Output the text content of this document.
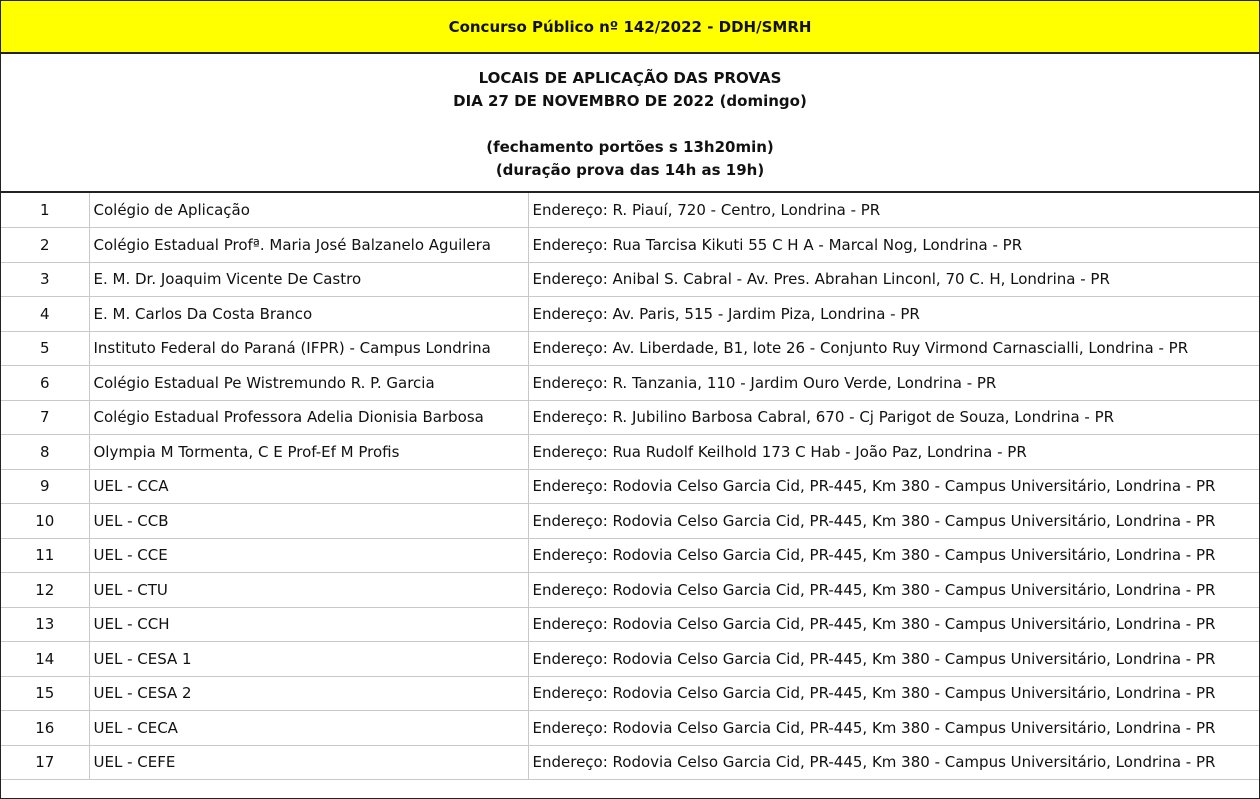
Concurso Público nº 142/2022 - DDH/SMRH
LOCAIS DE APLICAÇÃO DAS PROVAS
DIA 27 DE NOVEMBRO DE 2022 (domingo)
(fechamento portões s 13h20min)
(duração prova das 14h as 19h)
1	Colégio de Aplicação	Endereço: R. Piauí, 720 - Centro, Londrina - PR
2	Colégio Estadual Profª. Maria José Balzanelo Aguilera	Endereço: Rua Tarcisa Kikuti 55 C H A - Marcal Nog, Londrina - PR
3	E. M. Dr. Joaquim Vicente De Castro	Endereço: Anibal S. Cabral - Av. Pres. Abrahan Linconl, 70 C. H, Londrina - PR
4	E. M. Carlos Da Costa Branco	Endereço: Av. Paris, 515 - Jardim Piza, Londrina - PR
5	Instituto Federal do Paraná (IFPR) - Campus Londrina	Endereço: Av. Liberdade, B1, lote 26 - Conjunto Ruy Virmond Carnascialli, Londrina - PR
6	Colégio Estadual Pe Wistremundo R. P. Garcia	Endereço: R. Tanzania, 110 - Jardim Ouro Verde, Londrina - PR
7	Colégio Estadual Professora Adelia Dionisia Barbosa	Endereço: R. Jubilino Barbosa Cabral, 670 - Cj Parigot de Souza, Londrina - PR
8	Olympia M Tormenta, C E Prof-Ef M Profis	Endereço: Rua Rudolf Keilhold 173 C Hab - João Paz, Londrina - PR
9	UEL - CCA	Endereço: Rodovia Celso Garcia Cid, PR-445, Km 380 - Campus Universitário, Londrina - PR
10	UEL - CCB	Endereço: Rodovia Celso Garcia Cid, PR-445, Km 380 - Campus Universitário, Londrina - PR
11	UEL - CCE	Endereço: Rodovia Celso Garcia Cid, PR-445, Km 380 - Campus Universitário, Londrina - PR
12	UEL - CTU	Endereço: Rodovia Celso Garcia Cid, PR-445, Km 380 - Campus Universitário, Londrina - PR
13	UEL - CCH	Endereço: Rodovia Celso Garcia Cid, PR-445, Km 380 - Campus Universitário, Londrina - PR
14	UEL - CESA 1	Endereço: Rodovia Celso Garcia Cid, PR-445, Km 380 - Campus Universitário, Londrina - PR
15	UEL - CESA 2	Endereço: Rodovia Celso Garcia Cid, PR-445, Km 380 - Campus Universitário, Londrina - PR
16	UEL - CECA	Endereço: Rodovia Celso Garcia Cid, PR-445, Km 380 - Campus Universitário, Londrina - PR
17	UEL - CEFE	Endereço: Rodovia Celso Garcia Cid, PR-445, Km 380 - Campus Universitário, Londrina - PR
